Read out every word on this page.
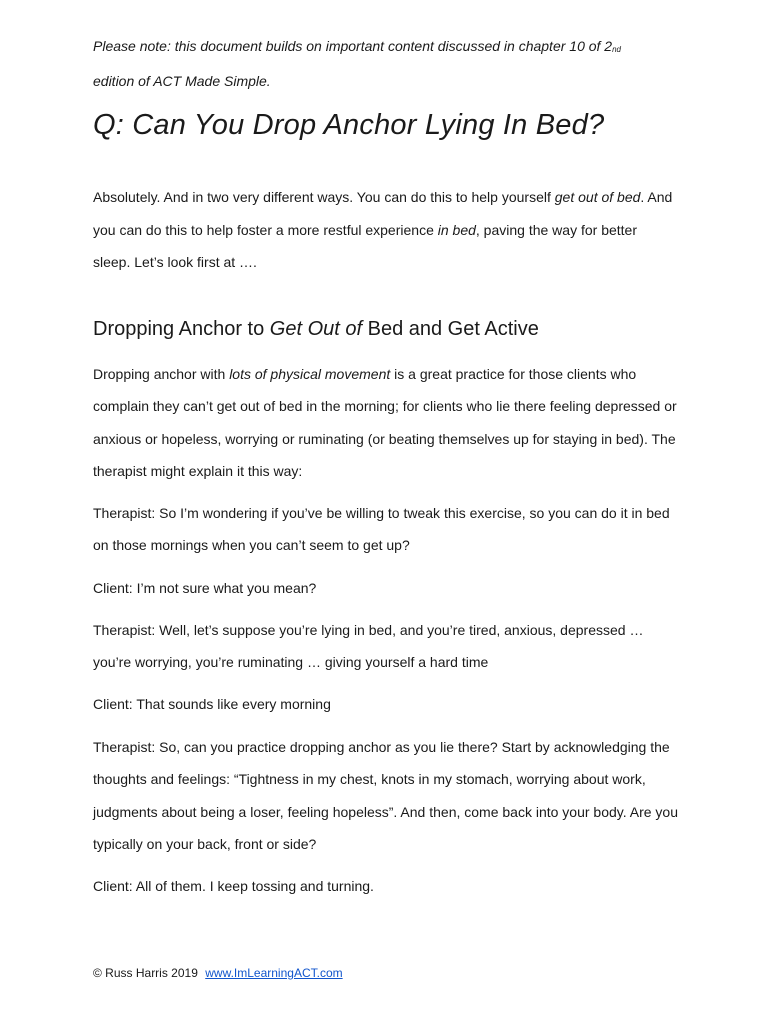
Please note: this document builds on important content discussed in chapter 10 of $2_{nd}$
edition of ACT Made Simple.

Q: Can You Drop Anchor Lying In Bed?

Absolutely. And in two very different ways. You can do this to help yourself get out of bed. And you can do this to help foster a more restful experience in bed, paving the way for better sleep. Let’s look first at ….

Dropping Anchor to Get Out of Bed and Get Active

Dropping anchor with lots of physical movement is a great practice for those clients who complain they can’t get out of bed in the morning; for clients who lie there feeling depressed or anxious or hopeless, worrying or ruminating (or beating themselves up for staying in bed). The therapist might explain it this way:

Therapist: So I’m wondering if you’ve be willing to tweak this exercise, so you can do it in bed on those mornings when you can’t seem to get up?

Client: I’m not sure what you mean?

Therapist: Well, let’s suppose you’re lying in bed, and you’re tired, anxious, depressed … you’re worrying, you’re ruminating … giving yourself a hard time

Client: That sounds like every morning

Therapist: So, can you practice dropping anchor as you lie there? Start by acknowledging the thoughts and feelings: “Tightness in my chest, knots in my stomach, worrying about work, judgments about being a loser, feeling hopeless”. And then, come back into your body. Are you typically on your back, front or side?

Client: All of them. I keep tossing and turning.

© Russ Harris 2019 www.ImLearningACT.com
